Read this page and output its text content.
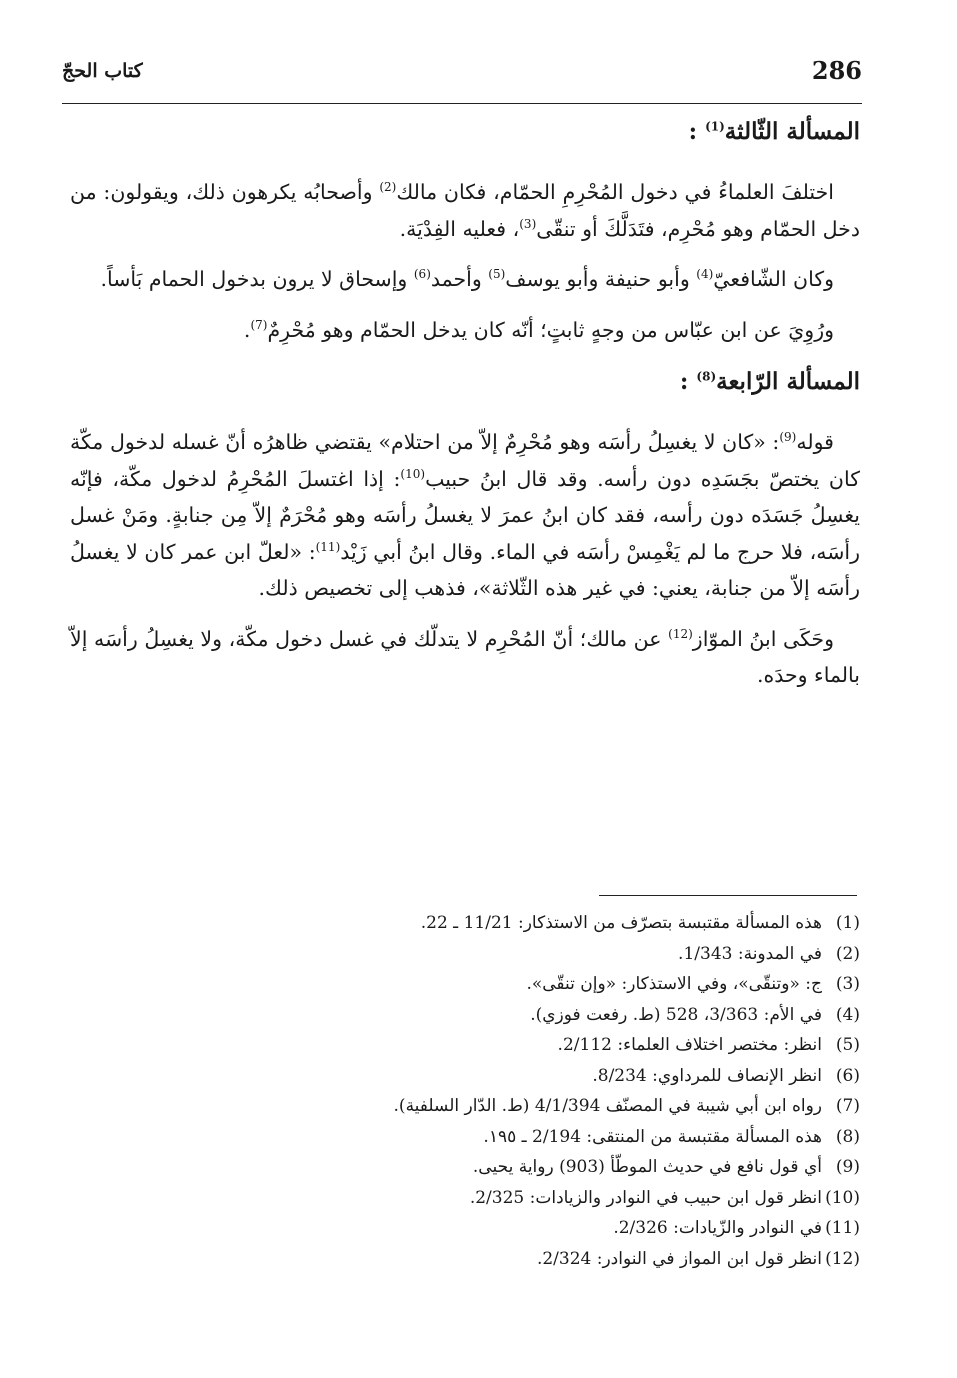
286
كتاب الحجّ
المسألة الثّالثة$^{(1)}$ :

اختلفَ العلماءُ في دخول المُحْرِمِ الحمّام، فكان مالك$^{(2)}$ وأصحابُه يكرهون ذلك، ويقولون: من دخل الحمّام وهو مُحْرِم، فتَدَلَّكَ أو تنقّى$^{(3)}$، فعليه الفِدْيَة.

وكان الشّافعيّ$^{(4)}$ وأبو حنيفة وأبو يوسف$^{(5)}$ وأحمد$^{(6)}$ وإسحاق لا يرون بدخول الحمام بَأساً.

ورُوِيَ عن ابن عبّاس من وجهٍ ثابتٍ؛ أنّه كان يدخل الحمّام وهو مُحْرِمٌ$^{(7)}$.

المسألة الرّابعة$^{(8)}$ :

قوله$^{(9)}$: «كان لا يغسِلُ رأسَه وهو مُحْرِمٌ إلاّ من احتلام» يقتضي ظاهرُه أنّ غسله لدخول مكّة كان يختصّ بجَسَدِه دون رأسه. وقد قال ابنُ حبيب$^{(10)}$: إذا اغتسلَ المُحْرِمُ لدخول مكّة، فإنّه يغسِلُ جَسَدَه دون رأسه، فقد كان ابنُ عمرَ لا يغسلُ رأسَه وهو مُحْرَمٌ إلاّ مِن جنابةٍ. ومَنْ غسل رأسَه، فلا حرج ما لم يَغْمِسْ رأسَه في الماء. وقال ابنُ أبي زَيْد$^{(11)}$: «لعلّ ابن عمر كان لا يغسلُ رأسَه إلاّ من جنابة، يعني: في غير هذه الثّلاثة»، فذهب إلى تخصيص ذلك.

وحَكَى ابنُ الموّاز$^{(12)}$ عن مالك؛ أنّ المُحْرِم لا يتدلّك في غسل دخول مكّة، ولا يغسِلُ رأسَه إلاّ بالماء وحدَه.

(1)
هذه المسألة مقتبسة بتصرّف من الاستذكار: 11/21 ـ 22.
(2)
في المدونة: 1/343.
(3)
ج: «وتنقّى»، وفي الاستذكار: «وإن تنقّى».
(4)
في الأم: 3/363، 528 (ط. رفعت فوزي).
(5)
انظر: مختصر اختلاف العلماء: 2/112.
(6)
انظر الإنصاف للمرداوي: 8/234.
(7)
رواه ابن أبي شيبة في المصنّف 4/1/394 (ط. الدّار السلفية).
(8)
هذه المسألة مقتبسة من المنتقى: 2/194 ـ ١٩٥.
(9)
أي قول نافع في حديث الموطّأ (903) رواية يحيى.
(10)
انظر قول ابن حبيب في النوادر والزيادات: 2/325.
(11)
في النوادر والزّيادات: 2/326.
(12)
انظر قول ابن المواز في النوادر: 2/324.
